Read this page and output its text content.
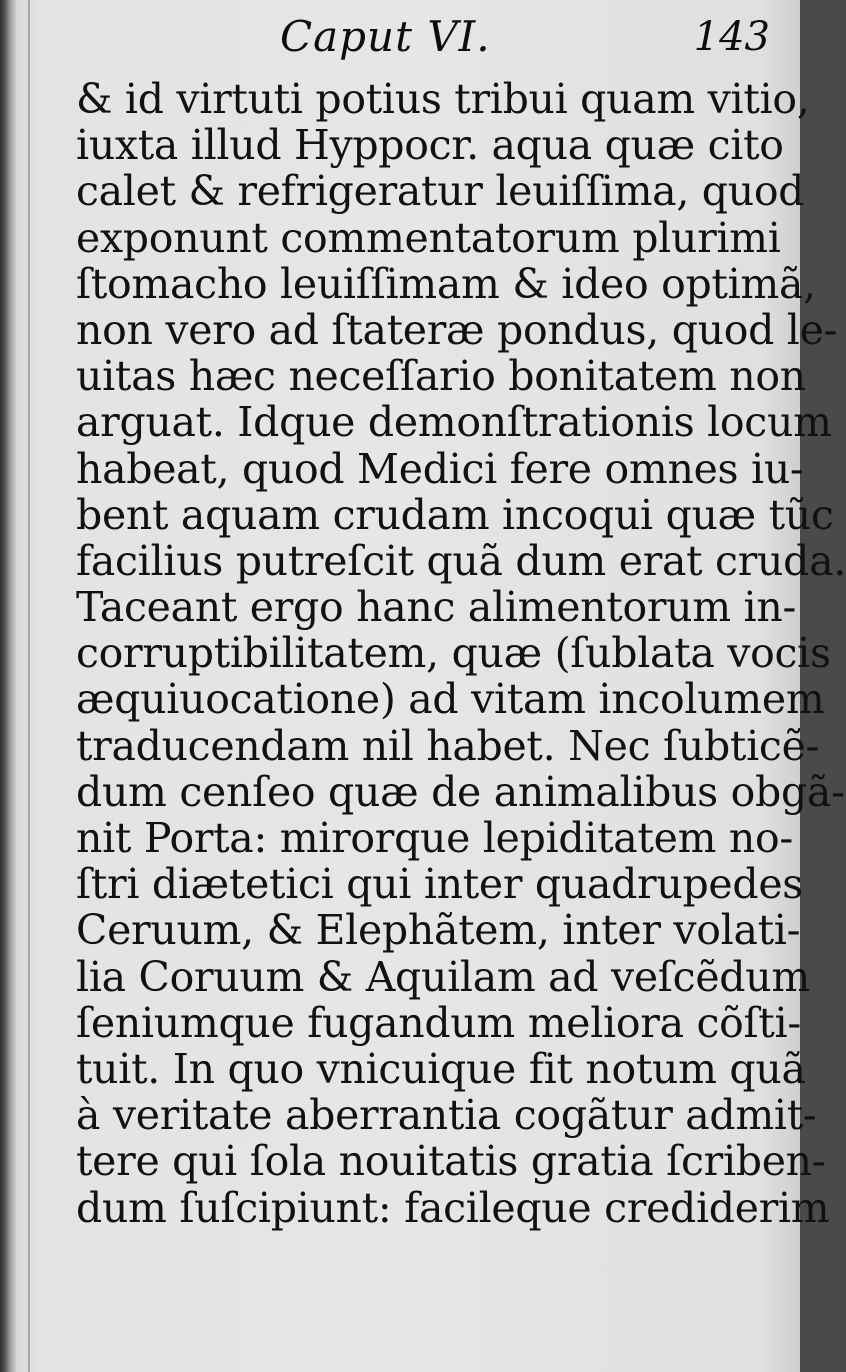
Caput VI.	143
& id virtuti potius tribui quam vitio,
iuxta illud Hyppocr. aqua quæ cito
calet & refrigeratur leuiſſima, quod
exponunt commentatorum plurimi
ſtomacho leuiſſimam & ideo optimã,
non vero ad ſtateræ pondus, quod le-
uitas hæc neceſſario bonitatem non
arguat. Idque demonſtrationis locum
habeat, quod Medici fere omnes iu-
bent aquam crudam incoqui quæ tũc
facilius putreſcit quã dum erat cruda.
Taceant ergo hanc alimentorum in-
corruptibilitatem, quæ (ſublata vocis
æquiuocatione) ad vitam incolumem
traducendam nil habet. Nec ſubticẽ-
dum cenſeo quæ de animalibus obgã-
nit Porta: mirorque lepiditatem no-
ſtri diætetici qui inter quadrupedes
Ceruum, & Elephãtem, inter volati-
lia Coruum & Aquilam ad veſcẽdum
ſeniumque fugandum meliora cõſti-
tuit. In quo vnicuique fit notum quã
à veritate aberrantia cogãtur admit-
tere qui ſola nouitatis gratia ſcriben-
dum ſuſcipiunt: facileque crediderim
